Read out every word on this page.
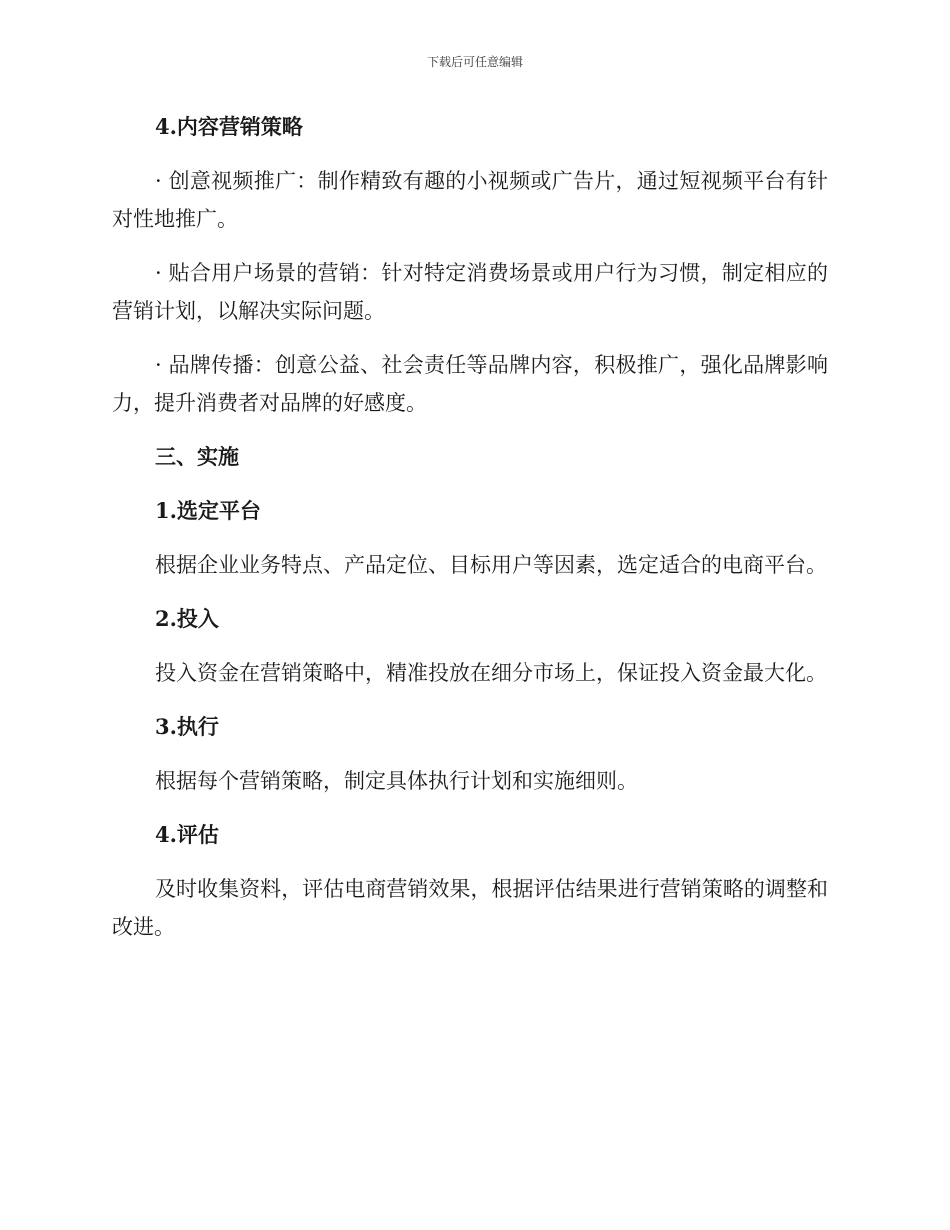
下载后可任意编辑
4.内容营销策略

· 创意视频推广：制作精致有趣的小视频或广告片，通过短视频平台有针对性地推广。

· 贴合用户场景的营销：针对特定消费场景或用户行为习惯，制定相应的营销计划，以解决实际问题。

· 品牌传播：创意公益、社会责任等品牌内容，积极推广，强化品牌影响力，提升消费者对品牌的好感度。

三、实施
1.选定平台

根据企业业务特点、产品定位、目标用户等因素，选定适合的电商平台。

2.投入

投入资金在营销策略中，精准投放在细分市场上，保证投入资金最大化。

3.执行

根据每个营销策略，制定具体执行计划和实施细则。

4.评估

及时收集资料，评估电商营销效果，根据评估结果进行营销策略的调整和改进。
